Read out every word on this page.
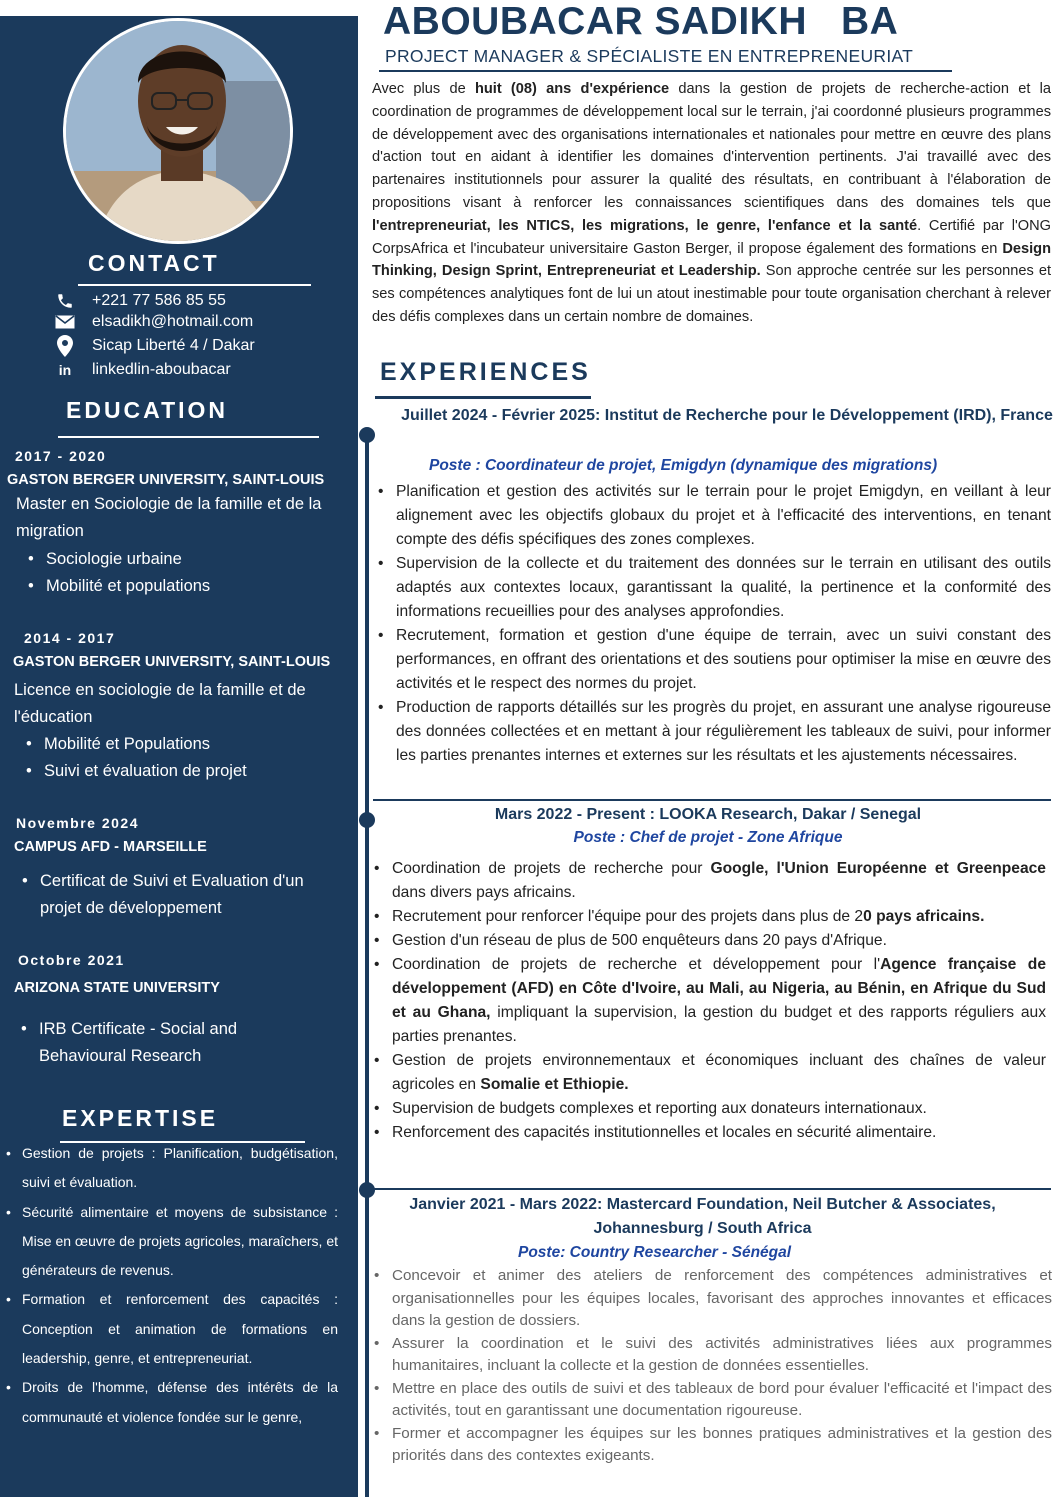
CONTACT
+221 77 586 85 55
elsadikh@hotmail.com
Sicap Liberté 4 / Dakar
in	linkedlin-aboubacar
EDUCATION
2017 - 2020
GASTON BERGER UNIVERSITY, SAINT-LOUIS
Master en Sociologie de la famille et de la migration
• Sociologie urbaine
• Mobilité et populations
2014 - 2017
GASTON BERGER UNIVERSITY, SAINT-LOUIS
Licence en sociologie de la famille et de l'éducation
• Mobilité et Populations
• Suivi et évaluation de projet
Novembre 2024
CAMPUS AFD - MARSEILLE
• Certificat de Suivi et Evaluation d'un projet de développement
Octobre 2021
ARIZONA STATE UNIVERSITY
• IRB Certificate - Social and Behavioural Research
EXPERTISE
• Gestion de projets : Planification, budgétisation, suivi et évaluation.
• Sécurité alimentaire et moyens de subsistance : Mise en œuvre de projets agricoles, maraîchers, et générateurs de revenus.
• Formation et renforcement des capacités : Conception et animation de formations en leadership, genre, et entrepreneuriat.
• Droits de l'homme, défense des intérêts de la communauté et violence fondée sur le genre,
ABOUBACAR SADIKH   BA
PROJECT MANAGER & SPÉCIALISTE EN ENTREPRENEURIAT

Avec plus de huit (08) ans d'expérience dans la gestion de projets de recherche-action et la coordination de programmes de développement local sur le terrain, j'ai coordonné plusieurs programmes de développement avec des organisations internationales et nationales pour mettre en œuvre des plans d'action tout en aidant à identifier les domaines d'intervention pertinents. J'ai travaillé avec des partenaires institutionnels pour assurer la qualité des résultats, en contribuant à l'élaboration de propositions visant à renforcer les connaissances scientifiques dans des domaines tels que l'entrepreneuriat, les NTICS, les migrations, le genre, l'enfance et la santé. Certifié par l'ONG CorpsAfrica et l'incubateur universitaire Gaston Berger, il propose également des formations en Design Thinking, Design Sprint, Entrepreneuriat et Leadership. Son approche centrée sur les personnes et ses compétences analytiques font de lui un atout inestimable pour toute organisation cherchant à relever des défis complexes dans un certain nombre de domaines.

EXPERIENCES
Juillet 2024 - Février 2025: Institut de Recherche pour le Développement (IRD), France
Poste : Coordinateur de projet, Emigdyn (dynamique des migrations)
• Planification et gestion des activités sur le terrain pour le projet Emigdyn, en veillant à leur alignement avec les objectifs globaux du projet et à l'efficacité des interventions, en tenant compte des défis spécifiques des zones complexes.
• Supervision de la collecte et du traitement des données sur le terrain en utilisant des outils adaptés aux contextes locaux, garantissant la qualité, la pertinence et la conformité des informations recueillies pour des analyses approfondies.
• Recrutement, formation et gestion d'une équipe de terrain, avec un suivi constant des performances, en offrant des orientations et des soutiens pour optimiser la mise en œuvre des activités et le respect des normes du projet.
• Production de rapports détaillés sur les progrès du projet, en assurant une analyse rigoureuse des données collectées et en mettant à jour régulièrement les tableaux de suivi, pour informer les parties prenantes internes et externes sur les résultats et les ajustements nécessaires.
Mars 2022 - Present : LOOKA Research, Dakar / Senegal
Poste : Chef de projet - Zone Afrique
• Coordination de projets de recherche pour Google, l'Union Européenne et Greenpeace dans divers pays africains.
• Recrutement pour renforcer l'équipe pour des projets dans plus de 20 pays africains.
• Gestion d'un réseau de plus de 500 enquêteurs dans 20 pays d'Afrique.
• Coordination de projets de recherche et développement pour l'Agence française de développement (AFD) en Côte d'Ivoire, au Mali, au Nigeria, au Bénin, en Afrique du Sud et au Ghana, impliquant la supervision, la gestion du budget et des rapports réguliers aux parties prenantes.
• Gestion de projets environnementaux et économiques incluant des chaînes de valeur agricoles en Somalie et Ethiopie.
• Supervision de budgets complexes et reporting aux donateurs internationaux.
• Renforcement des capacités institutionnelles et locales en sécurité alimentaire.
Janvier 2021 - Mars 2022: Mastercard Foundation, Neil Butcher & Associates, Johannesburg / South Africa
Poste: Country Researcher - Sénégal
• Concevoir et animer des ateliers de renforcement des compétences administratives et organisationnelles pour les équipes locales, favorisant des approches innovantes et efficaces dans la gestion de dossiers.
• Assurer la coordination et le suivi des activités administratives liées aux programmes humanitaires, incluant la collecte et la gestion de données essentielles.
• Mettre en place des outils de suivi et des tableaux de bord pour évaluer l'efficacité et l'impact des activités, tout en garantissant une documentation rigoureuse.
• Former et accompagner les équipes sur les bonnes pratiques administratives et la gestion des priorités dans des contextes exigeants.
